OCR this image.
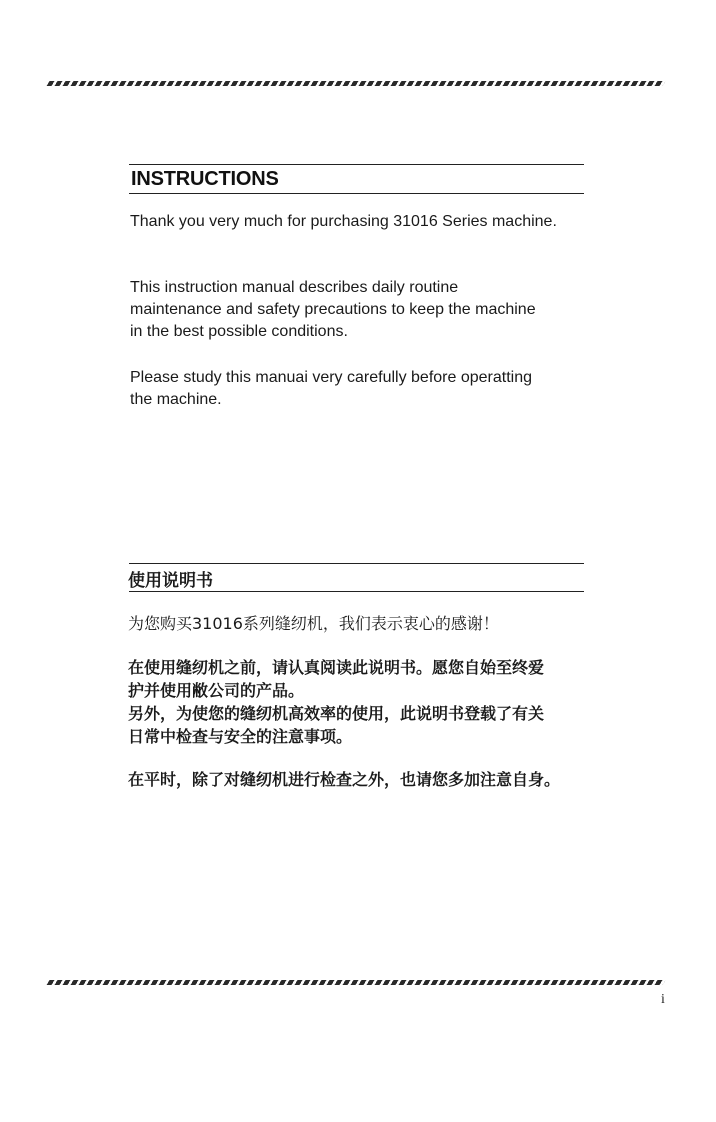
INSTRUCTIONS
Thank you very much for purchasing 31016 Series machine.
This instruction manual describes daily routine
maintenance and safety precautions to keep the machine
in the best possible conditions.
Please study this manuai very carefully before operatting
the machine.
使用说明书
为您购买31016系列缝纫机，我们表示衷心的感谢！
在使用缝纫机之前，请认真阅读此说明书。愿您自始至终爱
护并使用敝公司的产品。
另外，为使您的缝纫机高效率的使用，此说明书登载了有关
日常中检查与安全的注意事项。
在平时，除了对缝纫机进行检查之外，也请您多加注意自身。
i
